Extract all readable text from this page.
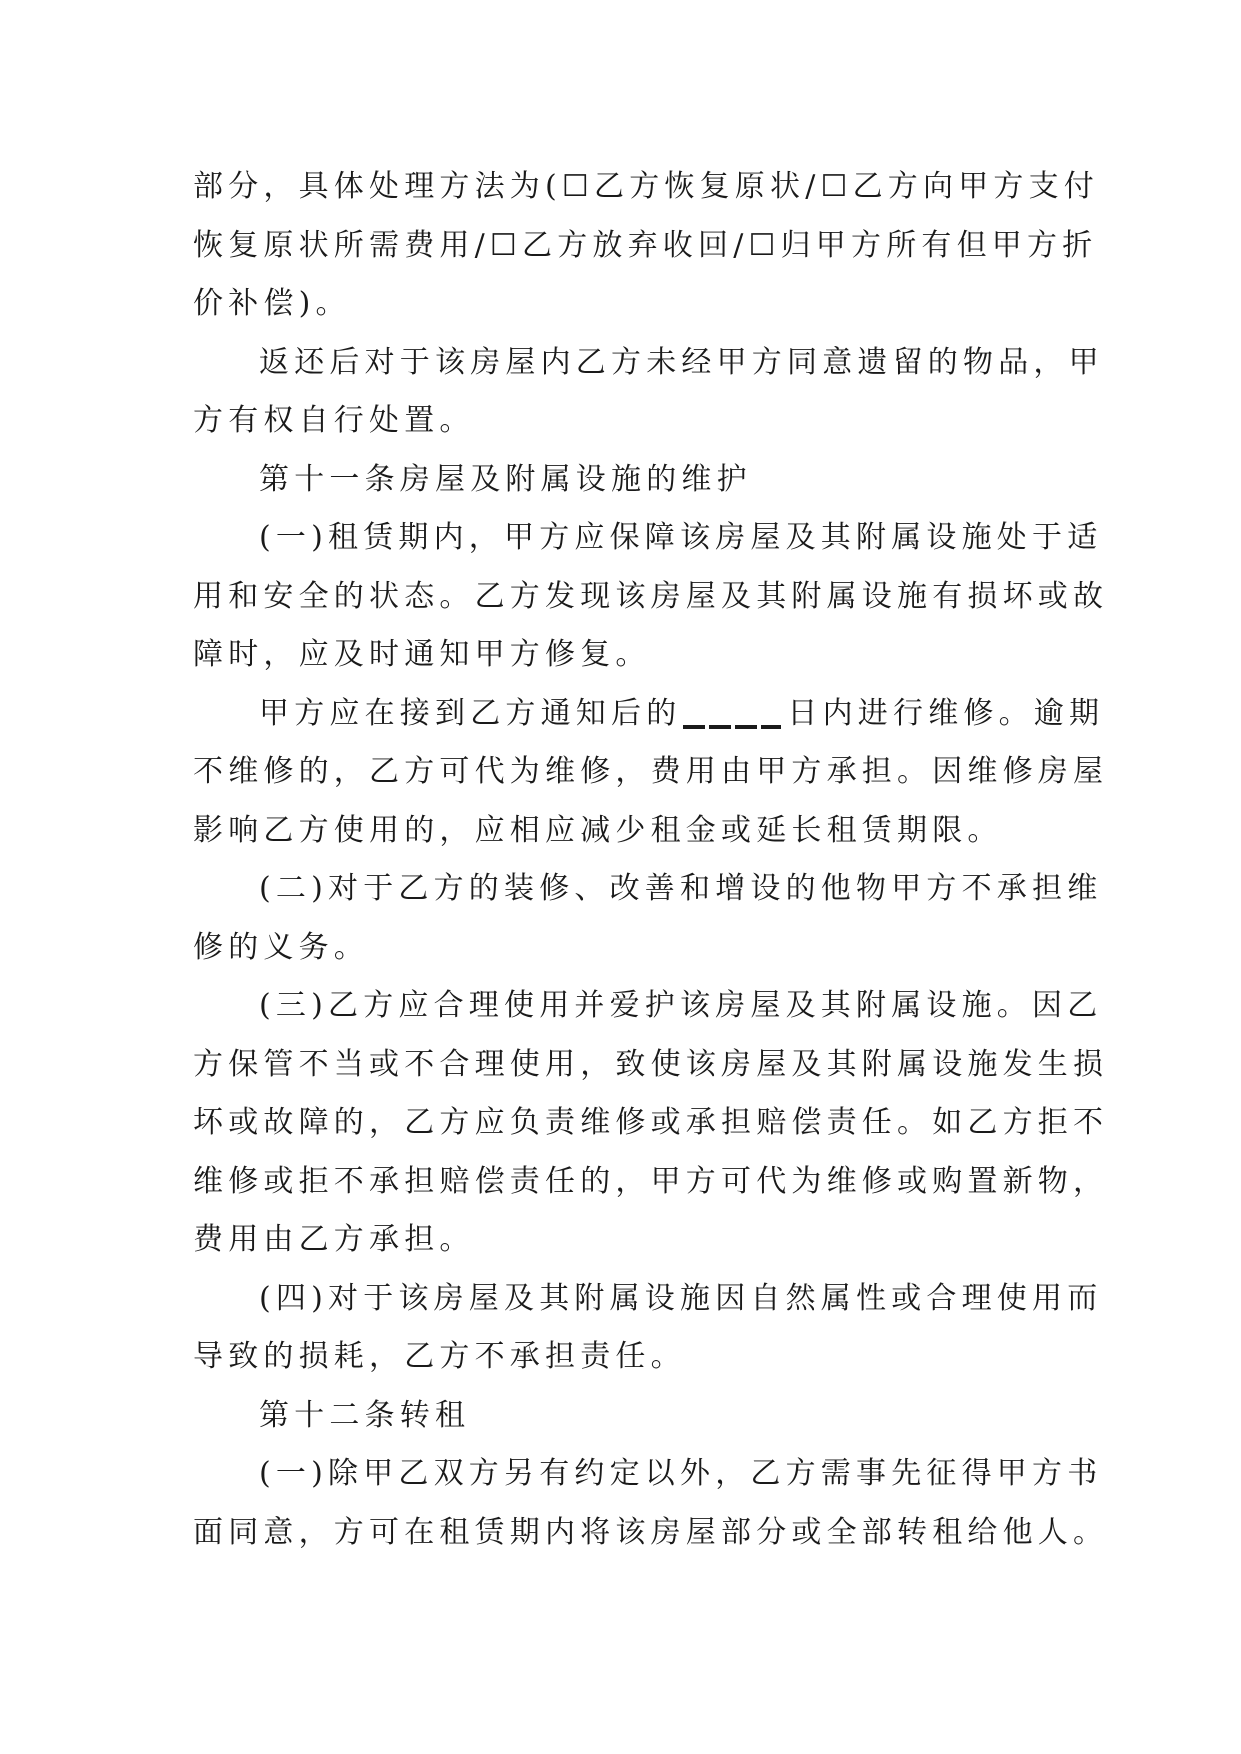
部分，具体处理方法为(☐乙方恢复原状/☐乙方向甲方支付

恢复原状所需费用/☐乙方放弃收回/☐归甲方所有但甲方折

价补偿)。

返还后对于该房屋内乙方未经甲方同意遗留的物品，甲

方有权自行处置。

第十一条房屋及附属设施的维护

(一)租赁期内，甲方应保障该房屋及其附属设施处于适

用和安全的状态。乙方发现该房屋及其附属设施有损坏或故

障时，应及时通知甲方修复。

甲方应在接到乙方通知后的	日内进行维修。逾期

不维修的，乙方可代为维修，费用由甲方承担。因维修房屋

影响乙方使用的，应相应减少租金或延长租赁期限。

(二)对于乙方的装修、改善和增设的他物甲方不承担维

修的义务。

(三)乙方应合理使用并爱护该房屋及其附属设施。因乙

方保管不当或不合理使用，致使该房屋及其附属设施发生损

坏或故障的，乙方应负责维修或承担赔偿责任。如乙方拒不

维修或拒不承担赔偿责任的，甲方可代为维修或购置新物，

费用由乙方承担。

(四)对于该房屋及其附属设施因自然属性或合理使用而

导致的损耗，乙方不承担责任。

第十二条转租

(一)除甲乙双方另有约定以外，乙方需事先征得甲方书

面同意，方可在租赁期内将该房屋部分或全部转租给他人。
